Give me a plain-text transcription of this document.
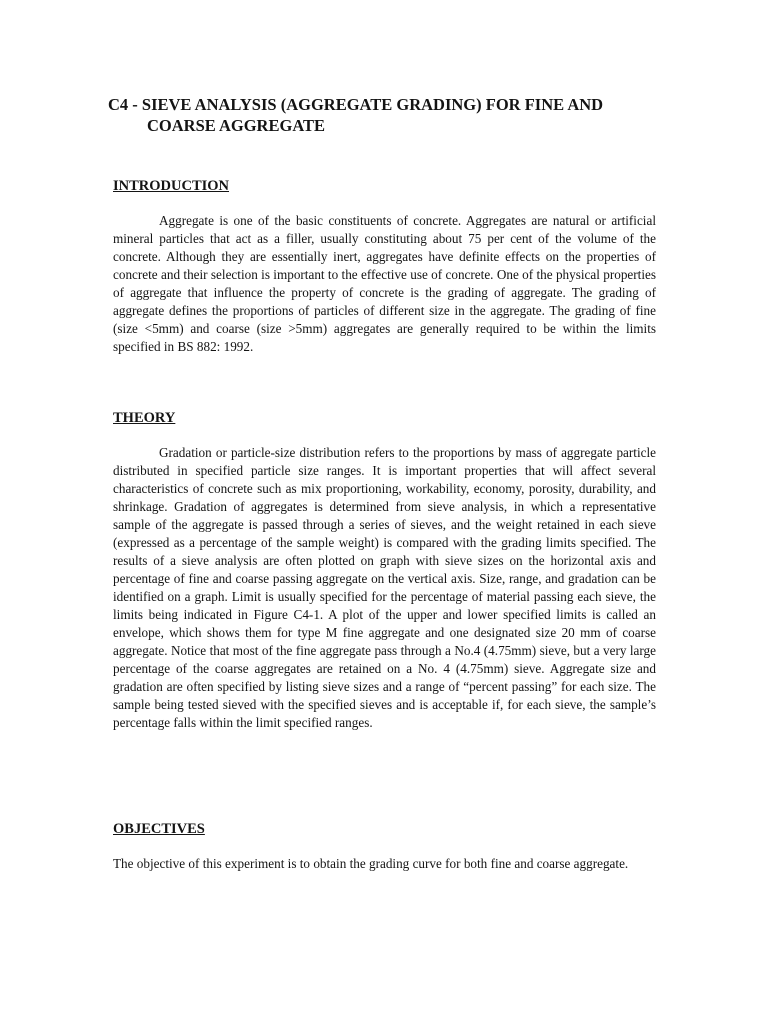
C4 - SIEVE ANALYSIS (AGGREGATE GRADING) FOR FINE AND
COARSE AGGREGATE
INTRODUCTION

Aggregate is one of the basic constituents of concrete. Aggregates are natural or artificial mineral particles that act as a filler, usually constituting about 75 per cent of the volume of the concrete. Although they are essentially inert, aggregates have definite effects on the properties of concrete and their selection is important to the effective use of concrete. One of the physical properties of aggregate that influence the property of concrete is the grading of aggregate. The grading of aggregate defines the proportions of particles of different size in the aggregate. The grading of fine (size <5mm) and coarse (size >5mm) aggregates are generally required to be within the limits specified in BS 882: 1992.

THEORY

Gradation or particle-size distribution refers to the proportions by mass of aggregate particle distributed in specified particle size ranges. It is important properties that will affect several characteristics of concrete such as mix proportioning, workability, economy, porosity, durability, and shrinkage. Gradation of aggregates is determined from sieve analysis, in which a representative sample of the aggregate is passed through a series of sieves, and the weight retained in each sieve (expressed as a percentage of the sample weight) is compared with the grading limits specified. The results of a sieve analysis are often plotted on graph with sieve sizes on the horizontal axis and percentage of fine and coarse passing aggregate on the vertical axis. Size, range, and gradation can be identified on a graph. Limit is usually specified for the percentage of material passing each sieve, the limits being indicated in Figure C4-1. A plot of the upper and lower specified limits is called an envelope, which shows them for type M fine aggregate and one designated size 20 mm of coarse aggregate. Notice that most of the fine aggregate pass through a No.4 (4.75mm) sieve, but a very large percentage of the coarse aggregates are retained on a No. 4 (4.75mm) sieve. Aggregate size and gradation are often specified by listing sieve sizes and a range of “percent passing” for each size. The sample being tested sieved with the specified sieves and is acceptable if, for each sieve, the sample’s percentage falls within the limit specified ranges.

OBJECTIVES

The objective of this experiment is to obtain the grading curve for both fine and coarse aggregate.
